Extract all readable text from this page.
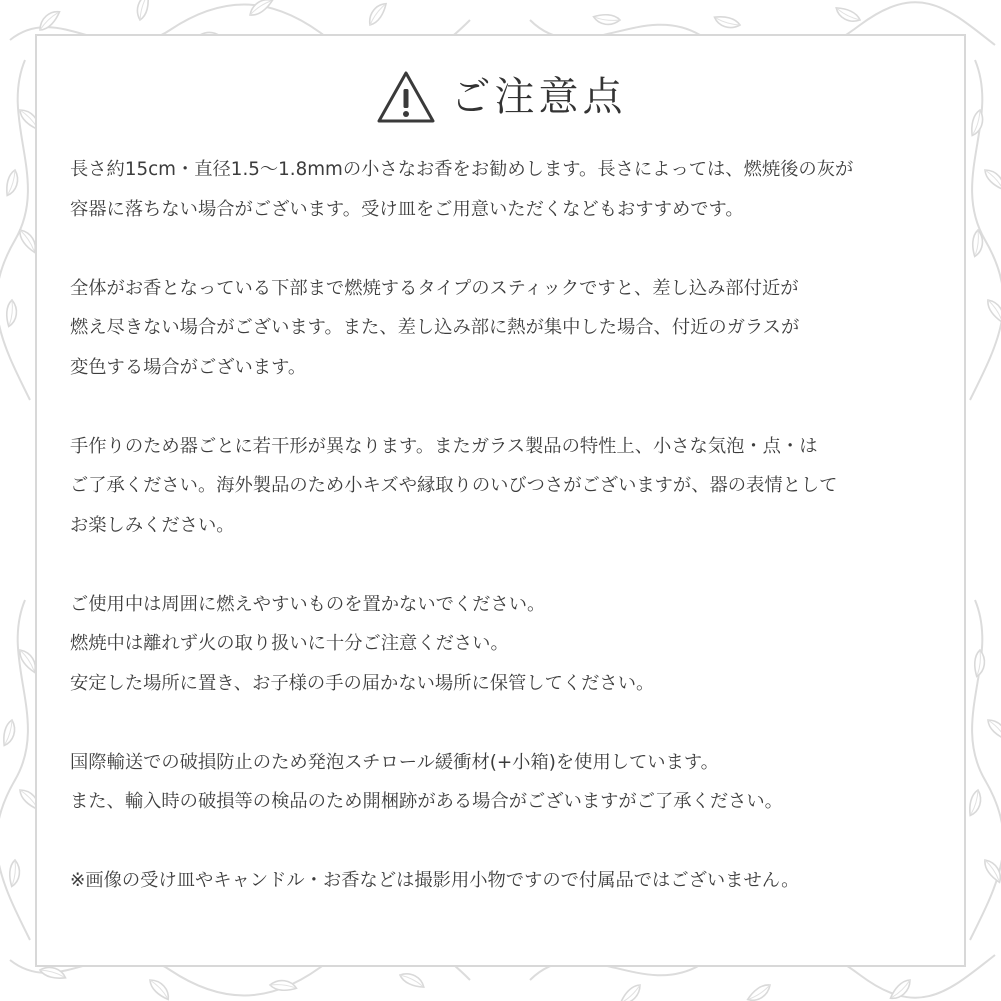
ご注意点
長さ約15cm・直径1.5〜1.8mmの小さなお香をお勧めします。長さによっては、燃焼後の灰が
容器に落ちない場合がございます。受け皿をご用意いただくなどもおすすめです。
全体がお香となっている下部まで燃焼するタイプのスティックですと、差し込み部付近が
燃え尽きない場合がございます。また、差し込み部に熱が集中した場合、付近のガラスが
変色する場合がございます。
手作りのため器ごとに若干形が異なります。またガラス製品の特性上、小さな気泡・点・は
ご了承ください。海外製品のため小キズや縁取りのいびつさがございますが、器の表情として
お楽しみください。
ご使用中は周囲に燃えやすいものを置かないでください。
燃焼中は離れず火の取り扱いに十分ご注意ください。
安定した場所に置き、お子様の手の届かない場所に保管してください。
国際輸送での破損防止のため発泡スチロール緩衝材(+小箱)を使用しています。
また、輸入時の破損等の検品のため開梱跡がある場合がございますがご了承ください。
※画像の受け皿やキャンドル・お香などは撮影用小物ですので付属品ではございません。
